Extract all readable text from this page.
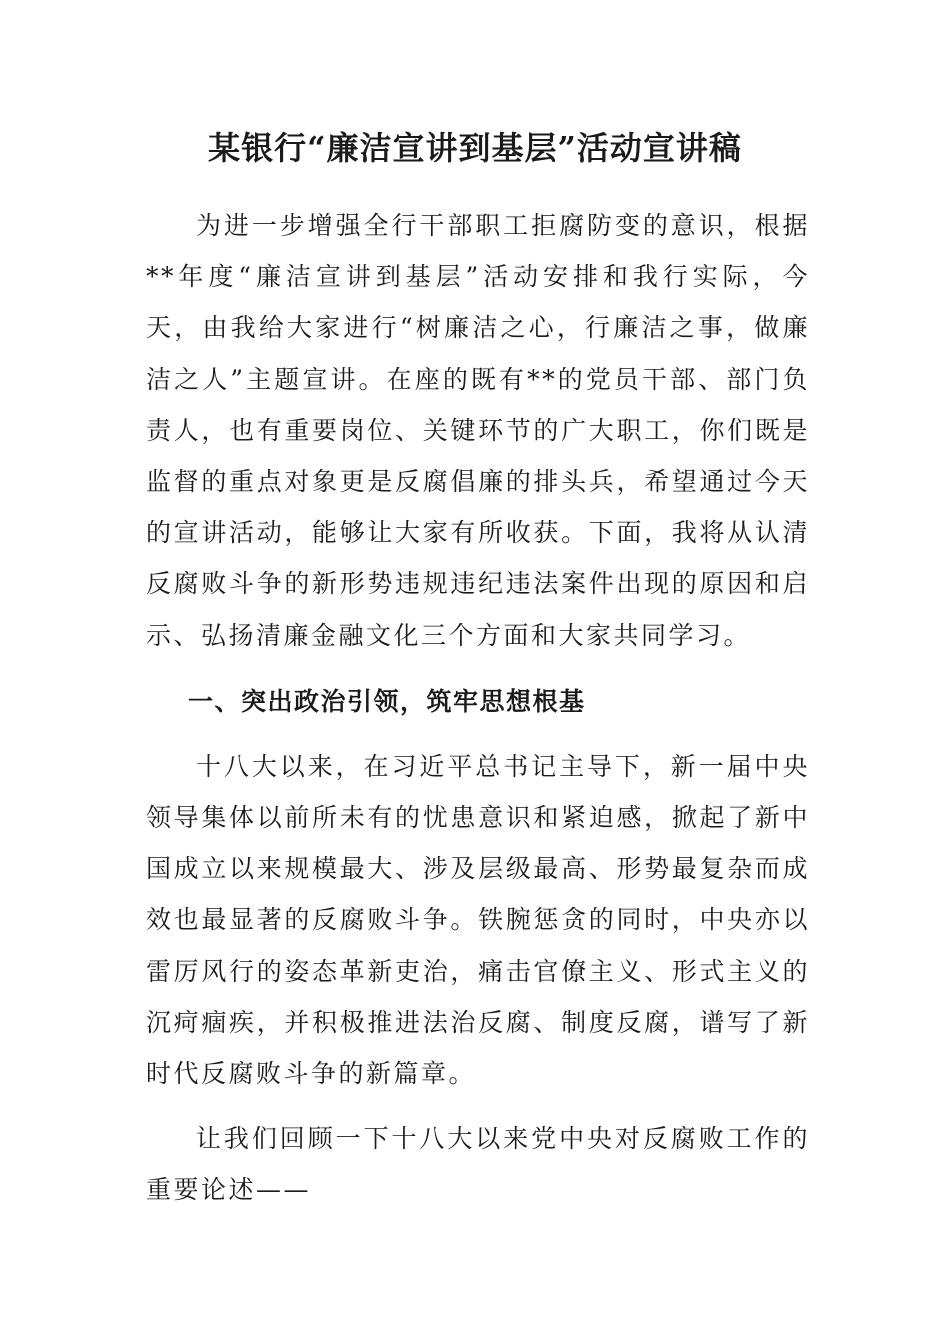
某银行“廉洁宣讲到基层”活动宣讲稿

为进一步增强全行干部职工拒腐防变的意识，根据**年度“廉洁宣讲到基层”活动安排和我行实际，今天，由我给大家进行“树廉洁之心，行廉洁之事，做廉洁之人”主题宣讲。在座的既有**的党员干部、部门负责人，也有重要岗位、关键环节的广大职工，你们既是监督的重点对象更是反腐倡廉的排头兵，希望通过今天的宣讲活动，能够让大家有所收获。下面，我将从认清反腐败斗争的新形势违规违纪违法案件出现的原因和启示、弘扬清廉金融文化三个方面和大家共同学习。

一、突出政治引领，筑牢思想根基

十八大以来，在习近平总书记主导下，新一届中央领导集体以前所未有的忧患意识和紧迫感，掀起了新中国成立以来规模最大、涉及层级最高、形势最复杂而成效也最显著的反腐败斗争。铁腕惩贪的同时，中央亦以雷厉风行的姿态革新吏治，痛击官僚主义、形式主义的沉疴痼疾，并积极推进法治反腐、制度反腐，谱写了新时代反腐败斗争的新篇章。

让我们回顾一下十八大以来党中央对反腐败工作的重要论述——
